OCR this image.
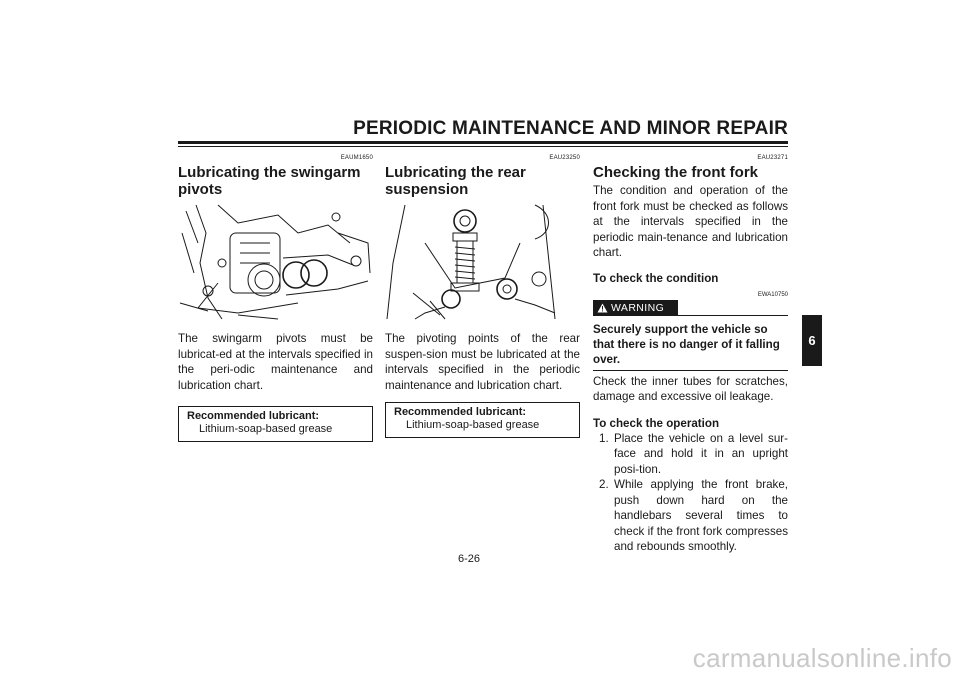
PERIODIC MAINTENANCE AND MINOR REPAIR
EAUM1650
Lubricating the swingarm pivots
The swingarm pivots must be lubricat-ed at the intervals specified in the peri-odic maintenance and lubrication chart.
Recommended lubricant:
Lithium-soap-based grease
EAU23250
Lubricating the rear suspension
The pivoting points of the rear suspen-sion must be lubricated at the intervals specified in the periodic maintenance and lubrication chart.
Recommended lubricant:
Lithium-soap-based grease
EAU23271
Checking the front fork
The condition and operation of the front fork must be checked as follows at the intervals specified in the periodic main-tenance and lubrication chart.
To check the condition
WARNING
EWA10750
Securely support the vehicle so that there is no danger of it falling over.
Check the inner tubes for scratches, damage and excessive oil leakage.
To check the operation
1. Place the vehicle on a level sur-face and hold it in an upright posi-tion.
2. While applying the front brake, push down hard on the handlebars several times to check if the front fork compresses and rebounds smoothly.
6
6-26
carmanualsonline.info
